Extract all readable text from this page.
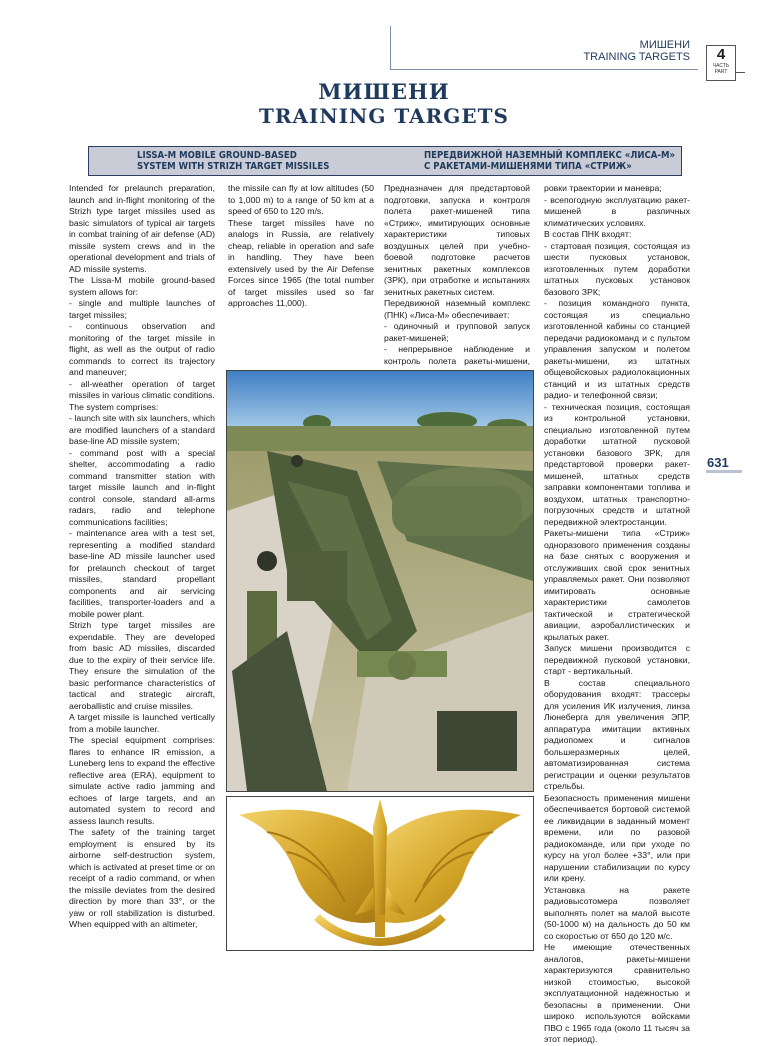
МИШЕНИ
TRAINING TARGETS	4
ЧАСТЬ
PART
МИШЕНИ
TRAINING TARGETS
LISSA-M MOBILE GROUND-BASED
SYSTEM WITH STRIZH TARGET MISSILES
ПЕРЕДВИЖНОЙ НАЗЕМНЫЙ КОМПЛЕКС «ЛИСА-М»
С РАКЕТАМИ-МИШЕНЯМИ ТИПА «СТРИЖ»

Intended for prelaunch preparation, launch and in-flight monitoring of the Strizh type target missiles used as basic simulators of typical air targets in combat training of air defense (AD) missile system crews and in the operational development and trials of AD missile systems.

The Lissa-M mobile ground-based system allows for:

- single and multiple launches of target missiles;

- continuous observation and monitoring of the target missile in flight, as well as the output of radio commands to correct its trajectory and maneuver;

- all-weather operation of target missiles in various climatic conditions.

The system comprises:

- launch site with six launchers, which are modified launchers of a standard base-line AD missile system;

- command post with a special shelter, accommodating a radio command transmitter station with target missile launch and in-flight control console, standard all-arms radars, radio and telephone communications facilities;

- maintenance area with a test set, representing a modified standard base-line AD missile launcher used for prelaunch checkout of target missiles, standard propellant components and air servicing facilities, transporter-loaders and a mobile power plant.

Strizh type target missiles are expendable. They are developed from basic AD missiles, discarded due to the expiry of their service life. They ensure the simulation of the basic performance characteristics of tactical and strategic aircraft, aeroballistic and cruise missiles.

A target missile is launched vertically from a mobile launcher.

The special equipment comprises: flares to enhance IR emission, a Luneberg lens to expand the effective reflective area (ERA), equipment to simulate active radio jamming and echoes of large targets, and an automated system to record and assess launch results.

The safety of the training target employment is ensured by its airborne self-destruction system, which is activated at preset time or on receipt of a radio command, or when the missile deviates from the desired direction by more than 33°, or the yaw or roll stabilization is disturbed. When equipped with an altimeter,

the missile can fly at low altitudes (50 to 1,000 m) to a range of 50 km at a speed of 650 to 120 m/s.

These target missiles have no analogs in Russia, are relatively cheap, reliable in operation and safe in handling. They have been extensively used by the Air Defense Forces since 1965 (the total number of target missiles used so far approaches 11,000).

Предназначен для предстартовой подготовки, запуска и контроля полета ракет-мишеней типа «Стриж», имитирующих основные характеристики типовых воздушных целей при учебно-боевой подготовке расчетов зенитных ракетных комплексов (ЗРК), при отработке и испытаниях зенитных ракетных систем.

Передвижной наземный комплекс (ПНК) «Лиса-М» обеспечивает:

- одиночный и групповой запуск ракет-мишеней;

- непрерывное наблюдение и контроль полета ракеты-мишени,

ровки траектории и маневра;

- всепогодную эксплуатацию ракет-мишеней в различных климатических условиях.

В состав ПНК входят:

- стартовая позиция, состоящая из шести пусковых установок, изготовленных путем доработки штатных пусковых установок базового ЗРК;

- позиция командного пункта, состоящая из специально изготовленной кабины со станцией передачи радиокоманд и с пультом управления запуском и полетом ракеты-мишени, из штатных общевойсковых радиолокационных станций и из штатных средств радио- и телефонной связи;

- техническая позиция, состоящая из контрольной установки, специально изготовленной путем доработки штатной пусковой установки базового ЗРК, для предстартовой проверки ракет-мишеней, штатных средств заправки компонентами топлива и воздухом, штатных транспортно-погрузочных средств и штатной передвижной электростанции.

Ракеты-мишени типа «Стриж» одноразового применения созданы на базе снятых с вооружения и отслуживших свой срок зенитных управляемых ракет. Они позволяют имитировать основные характеристики самолетов тактической и стратегической авиации, аэробаллистических и крылатых ракет.

Запуск мишени производится с передвижной пусковой установки, старт - вертикальный.

В состав специального оборудования входят: трассеры для усиления ИК излучения, линза Люнеберга для увеличения ЭПР, аппаратура имитации активных радиопомех и сигналов большеразмерных целей, автоматизированная система регистрации и оценки результатов стрельбы.

Безопасность применения мишени обеспечивается бортовой системой ее ликвидации в заданный момент времени, или по разовой радиокоманде, или при уходе по курсу на угол более +33°, или при нарушении стабилизации по курсу или крену.

Установка на ракете радиовысотомера позволяет выполнять полет на малой высоте (50-1000 м) на дальность до 50 км со скоростью от 650 до 120 м/с.

Не имеющие отечественных аналогов, ракеты-мишени характеризуются сравнительно низкой стоимостью, высокой эксплуатационной надежностью и безопасны в применении. Они широко используются войсками ПВО с 1965 года (около 11 тысяч за этот период).

631
